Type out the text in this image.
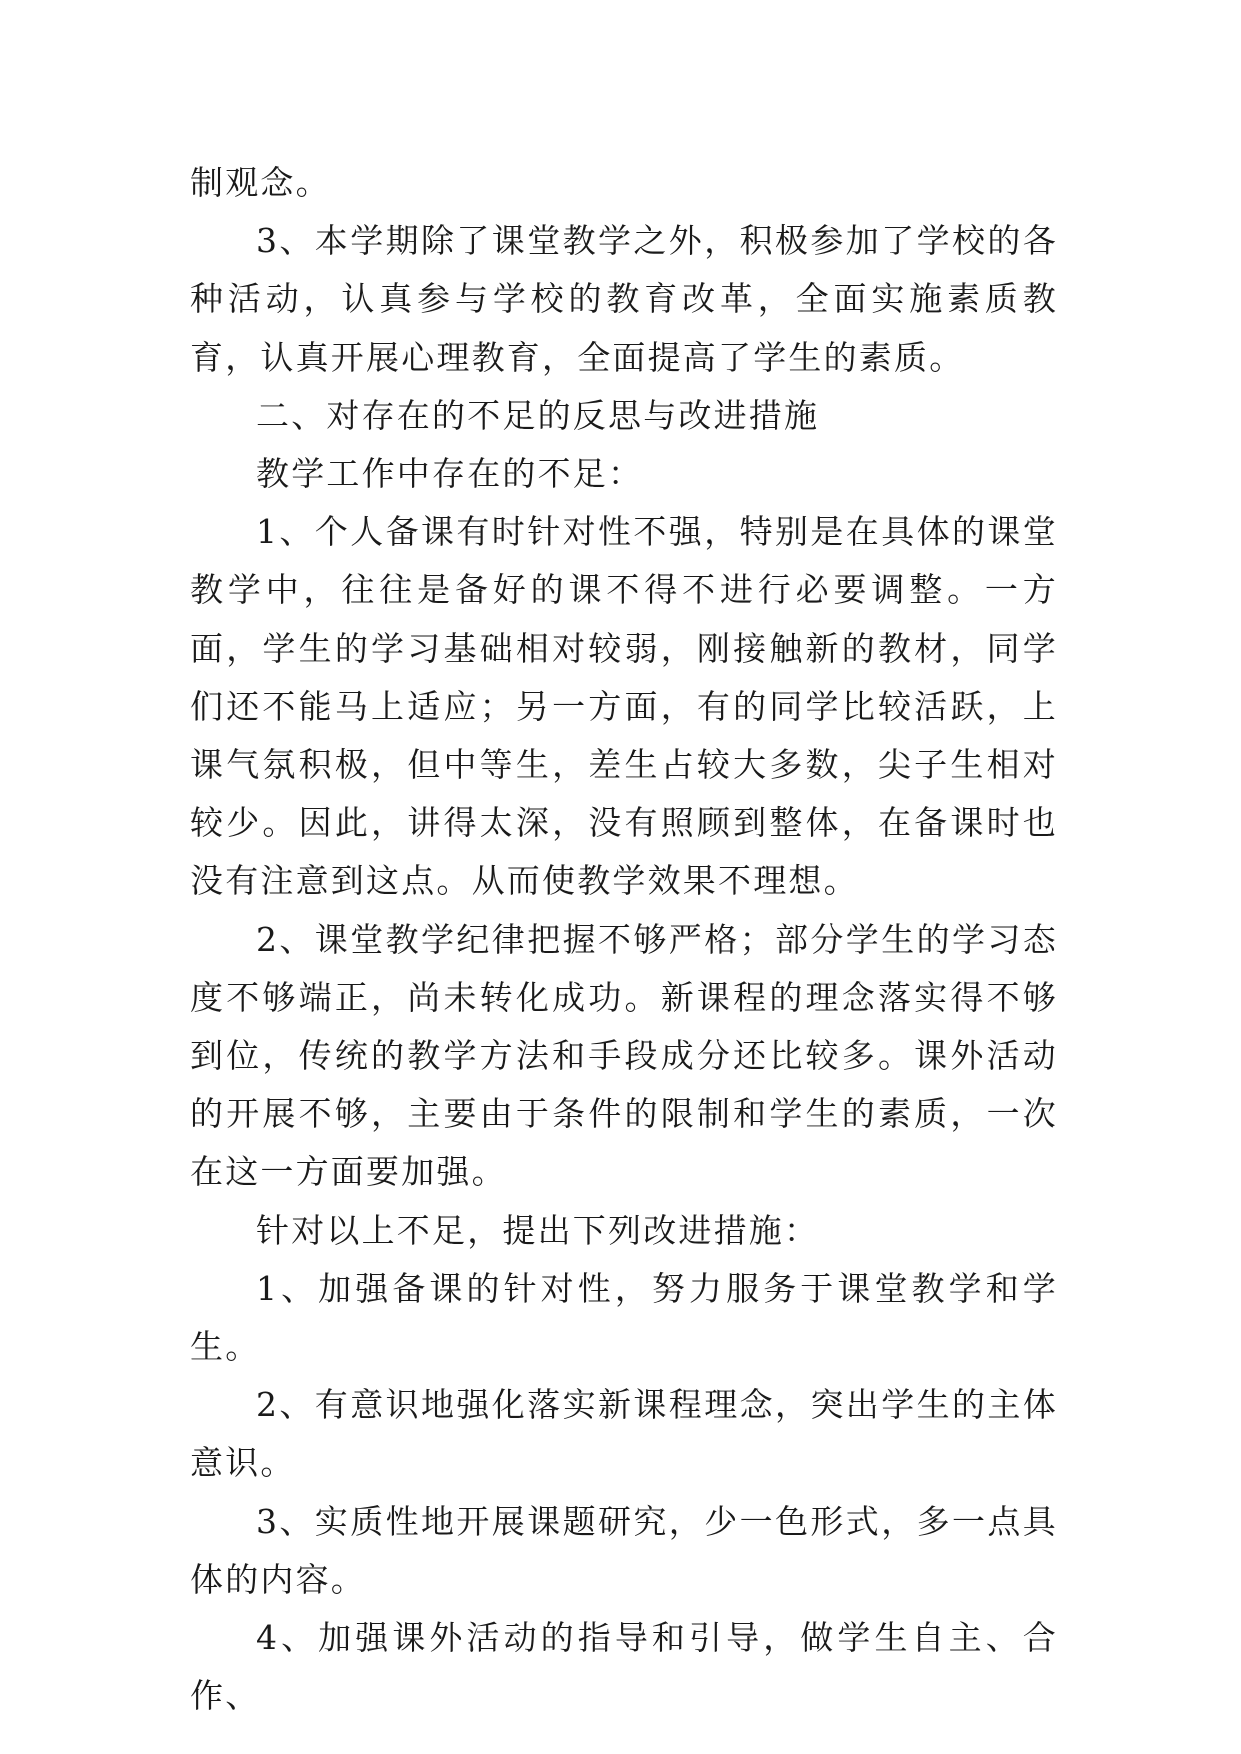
制观念。

3、本学期除了课堂教学之外，积极参加了学校的各种活动，认真参与学校的教育改革，全面实施素质教育，认真开展心理教育，全面提高了学生的素质。

二、对存在的不足的反思与改进措施

教学工作中存在的不足：

1、个人备课有时针对性不强，特别是在具体的课堂教学中，往往是备好的课不得不进行必要调整。一方面，学生的学习基础相对较弱，刚接触新的教材，同学们还不能马上适应；另一方面，有的同学比较活跃，上课气氛积极，但中等生，差生占较大多数，尖子生相对较少。因此，讲得太深，没有照顾到整体，在备课时也没有注意到这点。从而使教学效果不理想。

2、课堂教学纪律把握不够严格；部分学生的学习态度不够端正，尚未转化成功。新课程的理念落实得不够到位，传统的教学方法和手段成分还比较多。课外活动的开展不够，主要由于条件的限制和学生的素质，一次在这一方面要加强。

针对以上不足，提出下列改进措施：

1、加强备课的针对性，努力服务于课堂教学和学生。

2、有意识地强化落实新课程理念，突出学生的主体意识。

3、实质性地开展课题研究，少一色形式，多一点具体的内容。

4、加强课外活动的指导和引导，做学生自主、合作、
